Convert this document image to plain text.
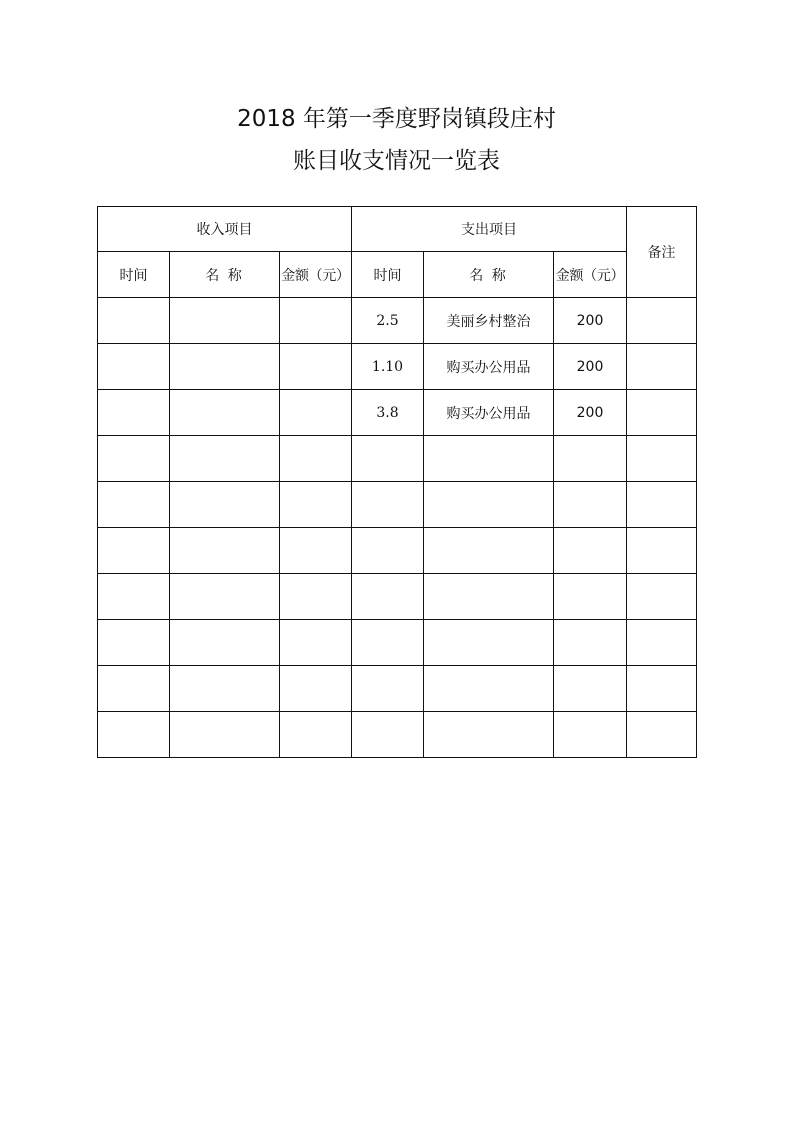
2018 年第一季度野岗镇段庄村
账目收支情况一览表
收入项目			支出项目			备注
时间	名 称	金额（元）	时间	名 称	金额（元）	
			2.5	美丽乡村整治	200	
			1.10	购买办公用品	200	
			3.8	购买办公用品	200	
